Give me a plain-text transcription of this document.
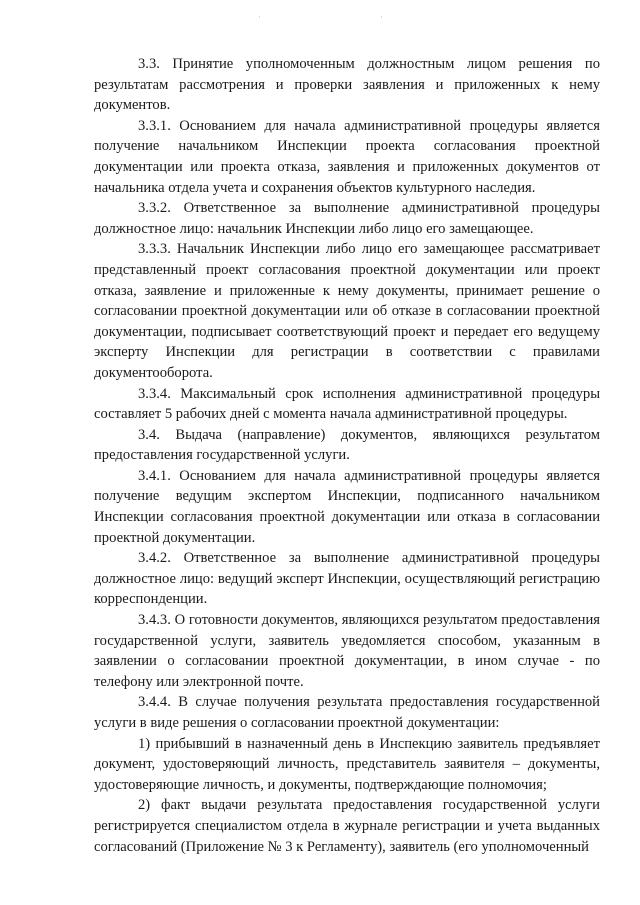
·	·

3.3. Принятие уполномоченным должностным лицом решения по результатам рассмотрения и проверки заявления и приложенных к нему документов.

3.3.1. Основанием для начала административной процедуры является получение начальником Инспекции проекта согласования проектной документации или проекта отказа, заявления и приложенных документов от начальника отдела учета и сохранения объектов культурного наследия.

3.3.2. Ответственное за выполнение административной процедуры должностное лицо: начальник Инспекции либо лицо его замещающее.

3.3.3. Начальник Инспекции либо лицо его замещающее рассматривает представленный проект согласования проектной документации или проект отказа, заявление и приложенные к нему документы, принимает решение о согласовании проектной документации или об отказе в согласовании проектной документации, подписывает соответствующий проект и передает его ведущему эксперту Инспекции для регистрации в соответствии с правилами документооборота.

3.3.4. Максимальный срок исполнения административной процедуры составляет 5 рабочих дней с момента начала административной процедуры.

3.4. Выдача (направление) документов, являющихся результатом предоставления государственной услуги.

3.4.1. Основанием для начала административной процедуры является получение ведущим экспертом Инспекции, подписанного начальником Инспекции согласования проектной документации или отказа в согласовании проектной документации.

3.4.2. Ответственное за выполнение административной процедуры должностное лицо: ведущий эксперт Инспекции, осуществляющий регистрацию корреспонденции.

3.4.3. О готовности документов, являющихся результатом предоставления государственной услуги, заявитель уведомляется способом, указанным в заявлении о согласовании проектной документации, в ином случае - по телефону или электронной почте.

3.4.4. В случае получения результата предоставления государственной услуги в виде решения о согласовании проектной документации:

1) прибывший в назначенный день в Инспекцию заявитель предъявляет документ, удостоверяющий личность, представитель заявителя – документы, удостоверяющие личность, и документы, подтверждающие полномочия;

2) факт выдачи результата предоставления государственной услуги регистрируется специалистом отдела в журнале регистрации и учета выданных согласований (Приложение № 3 к Регламенту), заявитель (его уполномоченный
